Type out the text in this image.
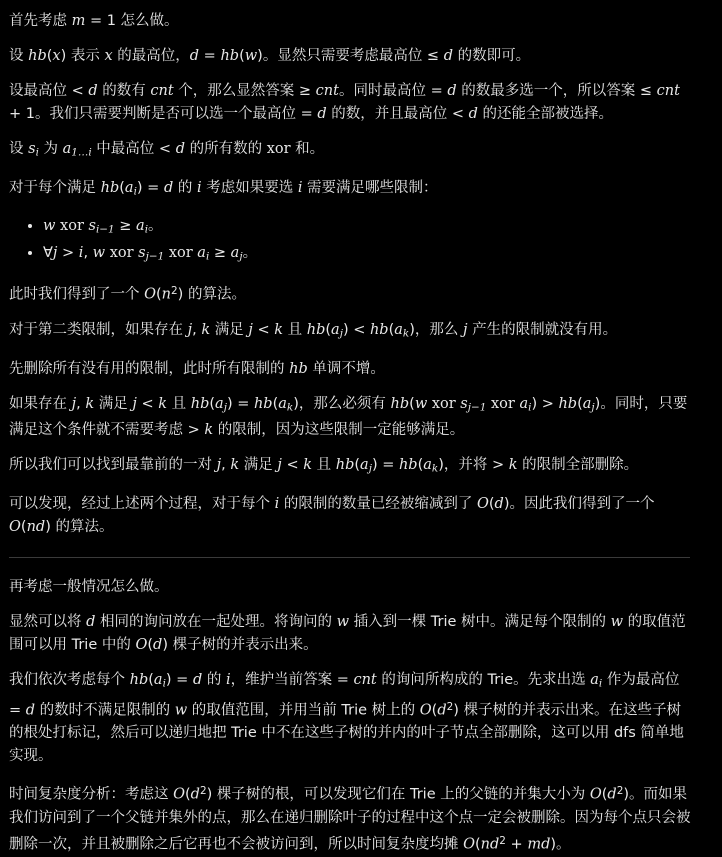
首先考虑 m = 1 怎么做。

设 hb(x) 表示 x 的最高位，d = hb(w)。显然只需要考虑最高位 ≤ d 的数即可。

设最高位 < d 的数有 cnt 个，那么显然答案 ≥ cnt。同时最高位 = d 的数最多选一个，所以答案 ≤ cnt + 1。我们只需要判断是否可以选一个最高位 = d 的数，并且最高位 < d 的还能全部被选择。

设 si 为 a1…i 中最高位 < d 的所有数的 xor 和。

对于每个满足 hb(ai) = d 的 i 考虑如果要选 i 需要满足哪些限制：

• w xor si−1 ≥ ai。
• ∀j > i, w xor sj−1 xor ai ≥ aj。

此时我们得到了一个 $O(n^2)$ 的算法。

对于第二类限制，如果存在 j, k 满足 j < k 且 hb(aj) < hb(ak)，那么 j 产生的限制就没有用。

先删除所有没有用的限制，此时所有限制的 hb 单调不增。

如果存在 j, k 满足 j < k 且 hb(aj) = hb(ak)，那么必须有 hb(w xor sj−1 xor ai) > hb(aj)。同时，只要满足这个条件就不需要考虑 > k 的限制，因为这些限制一定能够满足。

所以我们可以找到最靠前的一对 j, k 满足 j < k 且 hb(aj) = hb(ak)，并将 > k 的限制全部删除。

可以发现，经过上述两个过程，对于每个 i 的限制的数量已经被缩减到了 O(d)。因此我们得到了一个 O(nd) 的算法。

再考虑一般情况怎么做。

显然可以将 d 相同的询问放在一起处理。将询问的 w 插入到一棵 Trie 树中。满足每个限制的 w 的取值范围可以用 Trie 中的 O(d) 棵子树的并表示出来。

我们依次考虑每个 hb(ai) = d 的 i，维护当前答案 = cnt 的询问所构成的 Trie。先求出选 ai 作为最高位 = d 的数时不满足限制的 w 的取值范围，并用当前 Trie 树上的 $O(d^2)$ 棵子树的并表示出来。在这些子树的根处打标记，然后可以递归地把 Trie 中不在这些子树的并内的叶子节点全部删除，这可以用 dfs 简单地实现。

时间复杂度分析：考虑这 $O(d^2)$ 棵子树的根，可以发现它们在 Trie 上的父链的并集大小为 $O(d^2)$。而如果我们访问到了一个父链并集外的点，那么在递归删除叶子的过程中这个点一定会被删除。因为每个点只会被删除一次，并且被删除之后它再也不会被访问到，所以时间复杂度均摊 $O(nd^2 + md)$。
